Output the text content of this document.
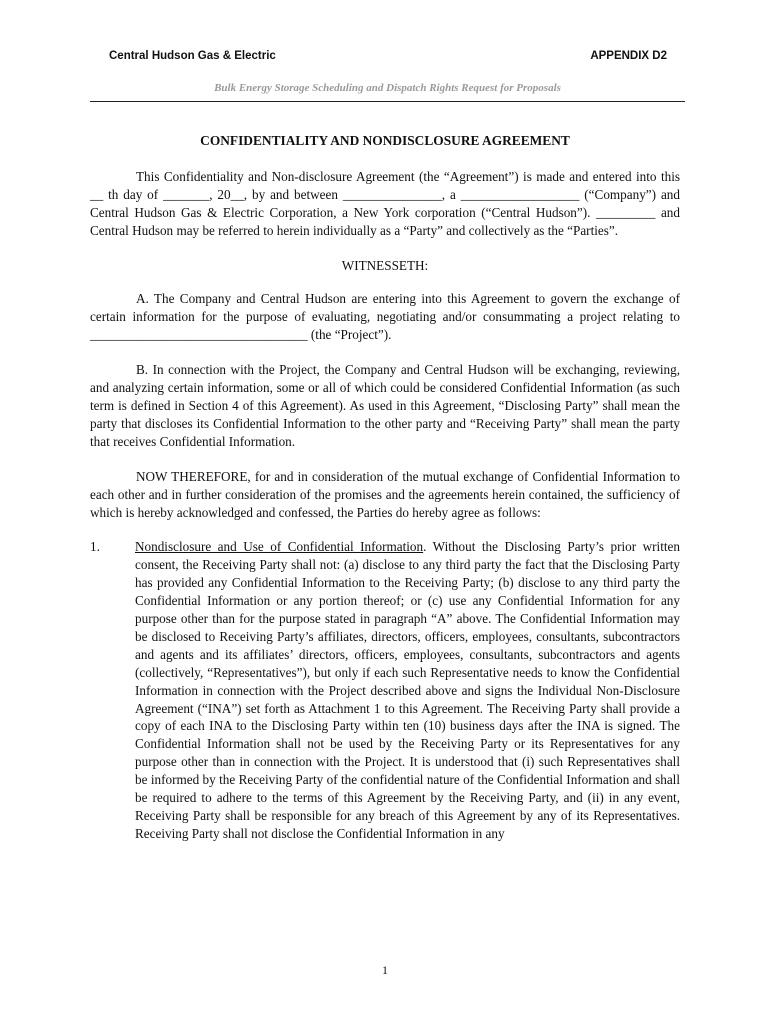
Central Hudson Gas & Electric	APPENDIX D2
Bulk Energy Storage Scheduling and Dispatch Rights Request for Proposals
CONFIDENTIALITY AND NONDISCLOSURE AGREEMENT
This Confidentiality and Non-disclosure Agreement (the “Agreement”) is made and entered into this __ th day of _______, 20__, by and between _______________, a __________________ (“Company”) and Central Hudson Gas & Electric Corporation, a New York corporation (“Central Hudson”). _________ and Central Hudson may be referred to herein individually as a “Party” and collectively as the “Parties”.
WITNESSETH:
A. The Company and Central Hudson are entering into this Agreement to govern the exchange of certain information for the purpose of evaluating, negotiating and/or consummating a project relating to _________________________________ (the “Project”).
B. In connection with the Project, the Company and Central Hudson will be exchanging, reviewing, and analyzing certain information, some or all of which could be considered Confidential Information (as such term is defined in Section 4 of this Agreement). As used in this Agreement, “Disclosing Party” shall mean the party that discloses its Confidential Information to the other party and “Receiving Party” shall mean the party that receives Confidential Information.
NOW THEREFORE, for and in consideration of the mutual exchange of Confidential Information to each other and in further consideration of the promises and the agreements herein contained, the sufficiency of which is hereby acknowledged and confessed, the Parties do hereby agree as follows:
1.	Nondisclosure and Use of Confidential Information. Without the Disclosing Party’s prior written consent, the Receiving Party shall not: (a) disclose to any third party the fact that the Disclosing Party has provided any Confidential Information to the Receiving Party; (b) disclose to any third party the Confidential Information or any portion thereof; or (c) use any Confidential Information for any purpose other than for the purpose stated in paragraph “A” above. The Confidential Information may be disclosed to Receiving Party’s affiliates, directors, officers, employees, consultants, subcontractors and agents and its affiliates’ directors, officers, employees, consultants, subcontractors and agents (collectively, “Representatives”), but only if each such Representative needs to know the Confidential Information in connection with the Project described above and signs the Individual Non-Disclosure Agreement (“INA”) set forth as Attachment 1 to this Agreement. The Receiving Party shall provide a copy of each INA to the Disclosing Party within ten (10) business days after the INA is signed. The Confidential Information shall not be used by the Receiving Party or its Representatives for any purpose other than in connection with the Project. It is understood that (i) such Representatives shall be informed by the Receiving Party of the confidential nature of the Confidential Information and shall be required to adhere to the terms of this Agreement by the Receiving Party, and (ii) in any event, Receiving Party shall be responsible for any breach of this Agreement by any of its Representatives. Receiving Party shall not disclose the Confidential Information in any
1
